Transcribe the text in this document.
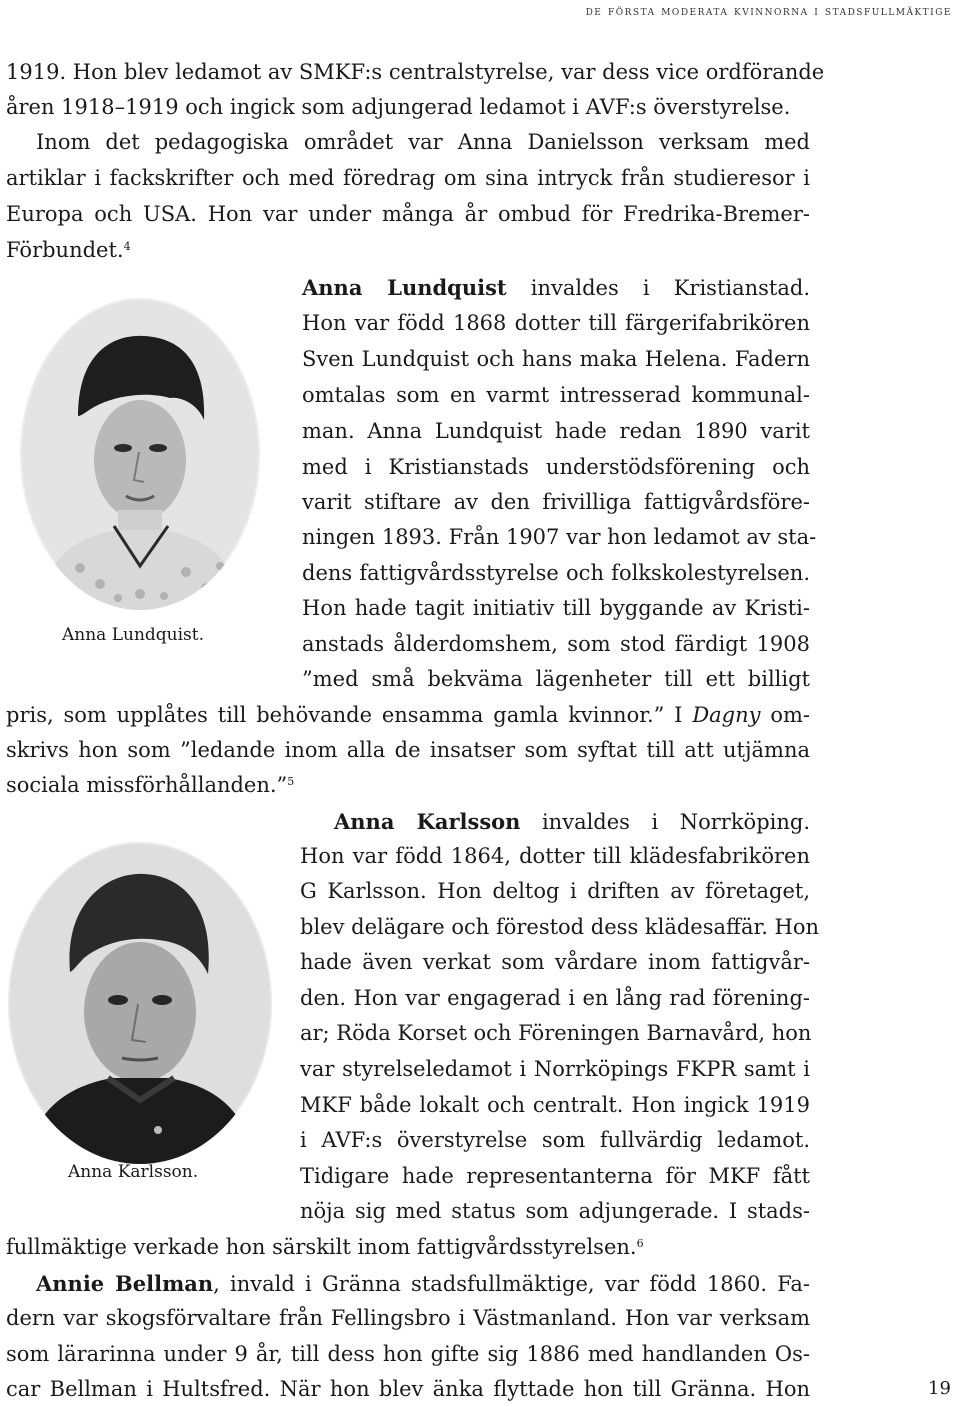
de första moderata kvinnorna i stadsfullmäktige
1919. Hon blev ledamot av SMKF:s centralstyrelse, var dess vice ordförande
åren 1918–1919 och ingick som adjungerad ledamot i AVF:s överstyrelse.
Inom det pedagogiska området var Anna Danielsson verksam med
artiklar i fackskrifter och med föredrag om sina intryck från studieresor i
Europa och USA. Hon var under många år ombud för Fredrika-Bremer-
Förbundet.$^4$
Anna Lundquist.
Anna Lundquist invaldes i Kristianstad.
Hon var född 1868 dotter till färgerifabrikören
Sven Lundquist och hans maka Helena. Fadern
omtalas som en varmt intresserad kommunal-
man. Anna Lundquist hade redan 1890 varit
med i Kristianstads understödsförening och
varit stiftare av den frivilliga fattigvårdsföre-
ningen 1893. Från 1907 var hon ledamot av sta-
dens fattigvårdsstyrelse och folkskolestyrelsen.
Hon hade tagit initiativ till byggande av Kristi-
anstads ålderdomshem, som stod färdigt 1908
”med små bekväma lägenheter till ett billigt
pris, som upplåtes till behövande ensamma gamla kvinnor.” I Dagny om-
skrivs hon som ”ledande inom alla de insatser som syftat till att utjämna
sociala missförhållanden.”$^5$
Anna Karlsson.
Anna Karlsson invaldes i Norrköping.
Hon var född 1864, dotter till klädesfabrikören
G Karlsson. Hon deltog i driften av företaget,
blev delägare och förestod dess klädesaffär. Hon
hade även verkat som vårdare inom fattigvår-
den. Hon var engagerad i en lång rad förening-
ar; Röda Korset och Föreningen Barnavård, hon
var styrelseledamot i Norrköpings FKPR samt i
MKF både lokalt och centralt. Hon ingick 1919
i AVF:s överstyrelse som fullvärdig ledamot.
Tidigare hade representanterna för MKF fått
nöja sig med status som adjungerade. I stads-
fullmäktige verkade hon särskilt inom fattigvårdsstyrelsen.$^6$
Annie Bellman, invald i Gränna stadsfullmäktige, var född 1860. Fa-
dern var skogsförvaltare från Fellingsbro i Västmanland. Hon var verksam
som lärarinna under 9 år, till dess hon gifte sig 1886 med handlanden Os-
car Bellman i Hultsfred. När hon blev änka flyttade hon till Gränna. Hon	19
